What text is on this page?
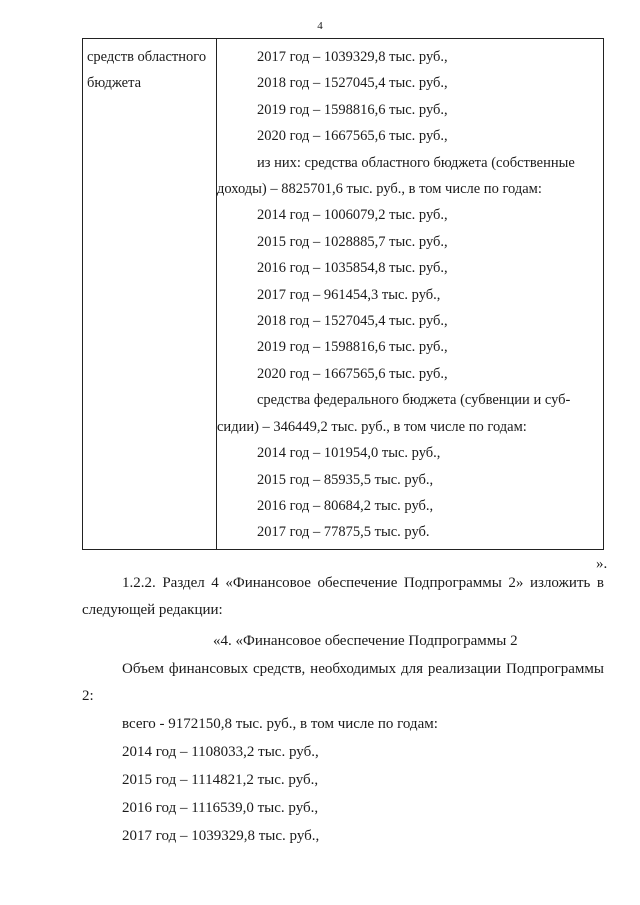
4
средств областного
бюджета
2017 год – 1039329,8 тыс. руб.,
2018 год – 1527045,4 тыс. руб.,
2019 год – 1598816,6 тыс. руб.,
2020 год – 1667565,6 тыс. руб.,
из них: средства областного бюджета (собственные
доходы) – 8825701,6 тыс. руб., в том числе по годам:
2014 год – 1006079,2 тыс. руб.,
2015 год – 1028885,7 тыс. руб.,
2016 год – 1035854,8 тыс. руб.,
2017 год – 961454,3 тыс. руб.,
2018 год – 1527045,4 тыс. руб.,
2019 год – 1598816,6 тыс. руб.,
2020 год – 1667565,6 тыс. руб.,
средства федерального бюджета (субвенции и суб-
сидии) – 346449,2 тыс. руб., в том числе по годам:
2014 год – 101954,0 тыс. руб.,
2015 год – 85935,5 тыс. руб.,
2016 год – 80684,2 тыс. руб.,
2017 год – 77875,5 тыс. руб.
».
1.2.2. Раздел 4 «Финансовое обеспечение Подпрограммы 2» изложить в
следующей редакции:
«4. «Финансовое обеспечение Подпрограммы 2
Объем финансовых средств, необходимых для реализации Подпрограммы
2:
всего - 9172150,8 тыс. руб., в том числе по годам:
2014 год – 1108033,2 тыс. руб.,
2015 год – 1114821,2 тыс. руб.,
2016 год – 1116539,0 тыс. руб.,
2017 год – 1039329,8 тыс. руб.,
